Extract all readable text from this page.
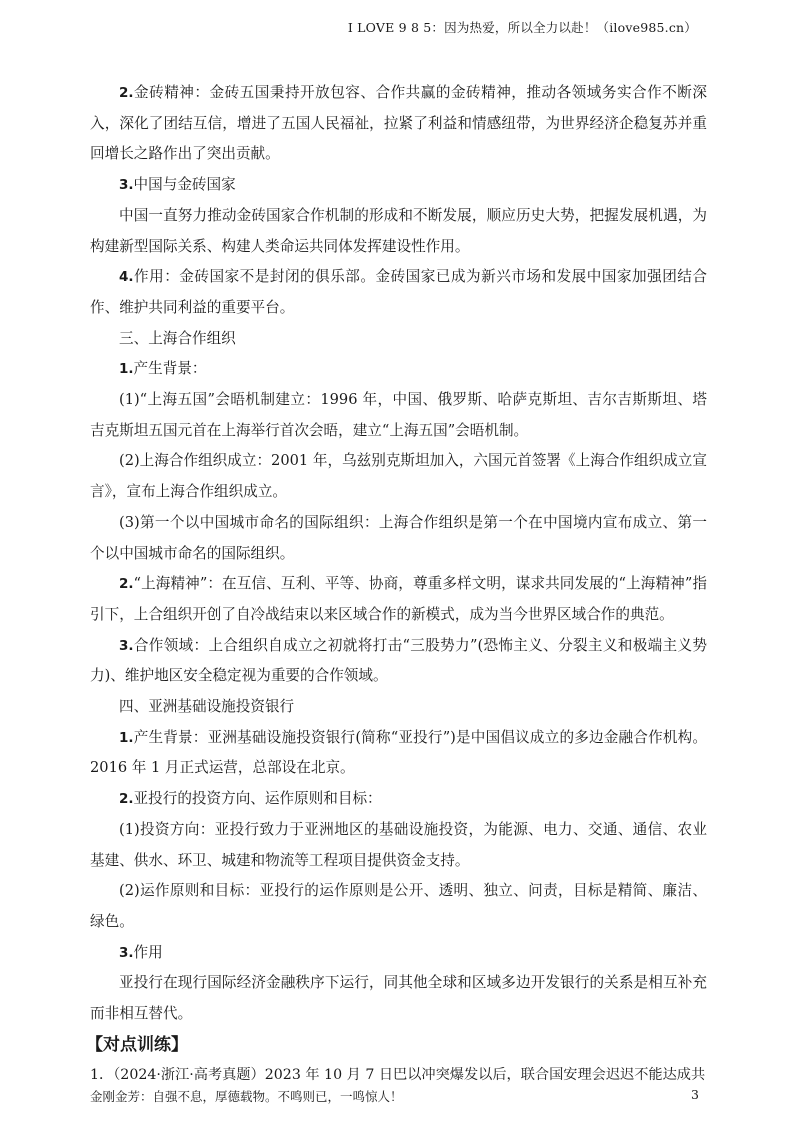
I LOVE 9 8 5：因为热爱，所以全力以赴！（ilove985.cn）

2.金砖精神：金砖五国秉持开放包容、合作共赢的金砖精神，推动各领域务实合作不断深入，深化了团结互信，增进了五国人民福祉，拉紧了利益和情感纽带，为世界经济企稳复苏并重回增长之路作出了突出贡献。

3.中国与金砖国家

中国一直努力推动金砖国家合作机制的形成和不断发展，顺应历史大势，把握发展机遇，为构建新型国际关系、构建人类命运共同体发挥建设性作用。

4.作用：金砖国家不是封闭的俱乐部。金砖国家已成为新兴市场和发展中国家加强团结合作、维护共同利益的重要平台。

三、上海合作组织

1.产生背景：

(1)“上海五国”会晤机制建立：1996 年，中国、俄罗斯、哈萨克斯坦、吉尔吉斯斯坦、塔吉克斯坦五国元首在上海举行首次会晤，建立“上海五国”会晤机制。

(2)上海合作组织成立：2001 年，乌兹别克斯坦加入，六国元首签署《上海合作组织成立宣言》，宣布上海合作组织成立。

(3)第一个以中国城市命名的国际组织：上海合作组织是第一个在中国境内宣布成立、第一个以中国城市命名的国际组织。

2.“上海精神”：在互信、互利、平等、协商，尊重多样文明，谋求共同发展的“上海精神”指引下，上合组织开创了自冷战结束以来区域合作的新模式，成为当今世界区域合作的典范。

3.合作领域：上合组织自成立之初就将打击“三股势力”(恐怖主义、分裂主义和极端主义势力)、维护地区安全稳定视为重要的合作领域。

四、亚洲基础设施投资银行

1.产生背景：亚洲基础设施投资银行(简称“亚投行”)是中国倡议成立的多边金融合作机构。2016 年 1 月正式运营，总部设在北京。

2.亚投行的投资方向、运作原则和目标：

(1)投资方向：亚投行致力于亚洲地区的基础设施投资，为能源、电力、交通、通信、农业基建、供水、环卫、城建和物流等工程项目提供资金支持。

(2)运作原则和目标：亚投行的运作原则是公开、透明、独立、问责，目标是精简、廉洁、绿色。

3.作用

亚投行在现行国际经济金融秩序下运行，同其他全球和区域多边开发银行的关系是相互补充而非相互替代。

【对点训练】

1．（2024·浙江·高考真题）2023 年 10 月 7 日巴以冲突爆发以后，联合国安理会迟迟不能达成共

金刚金芳：自强不息，厚德载物。不鸣则已，一鸣惊人！	3
